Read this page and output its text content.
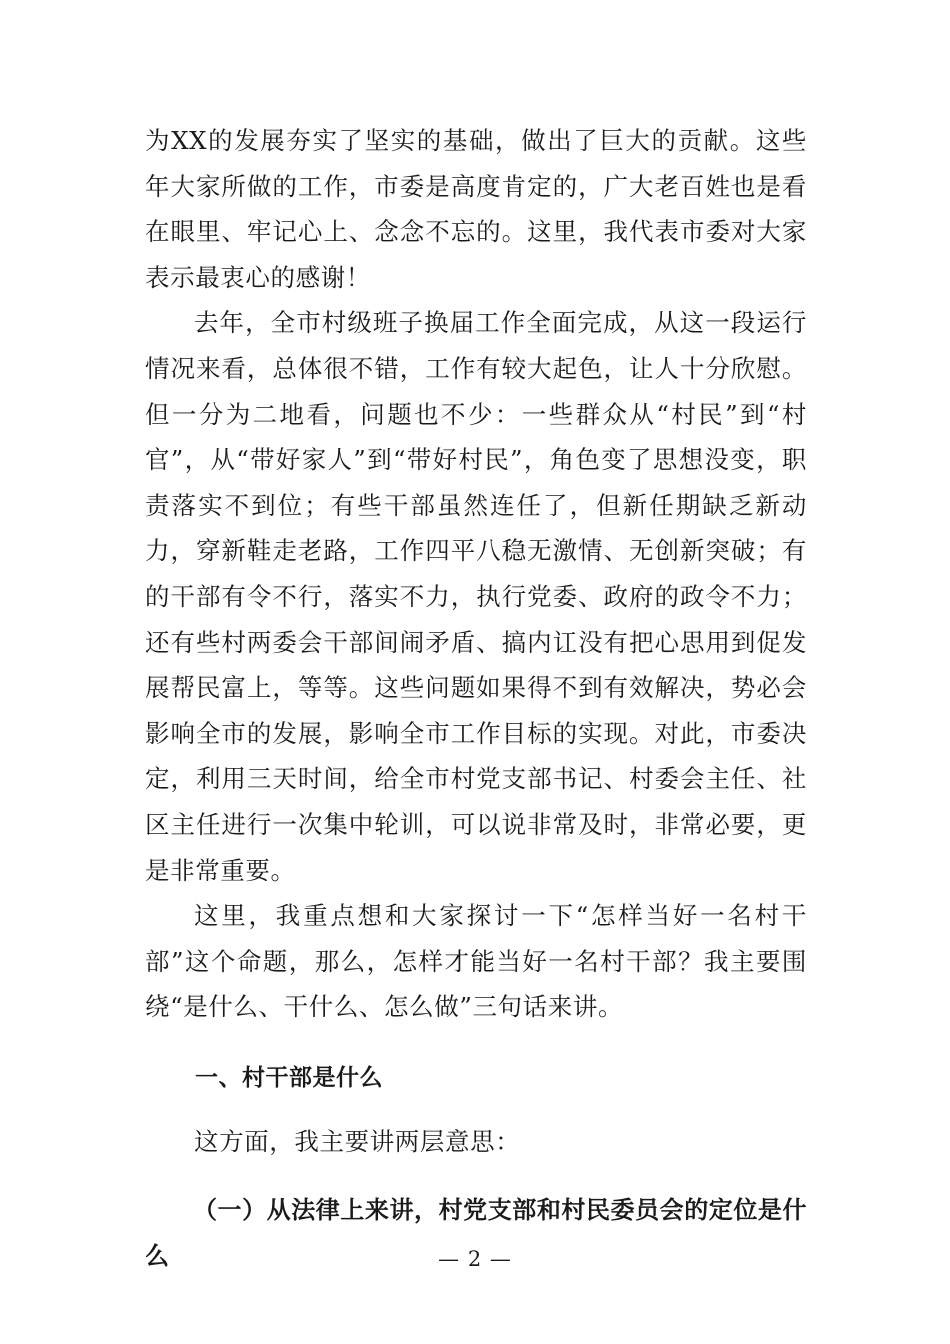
为XX的发展夯实了坚实的基础，做出了巨大的贡献。这些年大家所做的工作，市委是高度肯定的，广大老百姓也是看在眼里、牢记心上、念念不忘的。这里，我代表市委对大家表示最衷心的感谢！

去年，全市村级班子换届工作全面完成，从这一段运行情况来看，总体很不错，工作有较大起色，让人十分欣慰。但一分为二地看，问题也不少：一些群众从“村民”到“村官”，从“带好家人”到“带好村民”，角色变了思想没变，职责落实不到位；有些干部虽然连任了，但新任期缺乏新动力，穿新鞋走老路，工作四平八稳无激情、无创新突破；有的干部有令不行，落实不力，执行党委、政府的政令不力；还有些村两委会干部间闹矛盾、搞内讧没有把心思用到促发展帮民富上，等等。这些问题如果得不到有效解决，势必会影响全市的发展，影响全市工作目标的实现。对此，市委决定，利用三天时间，给全市村党支部书记、村委会主任、社区主任进行一次集中轮训，可以说非常及时，非常必要，更是非常重要。

这里，我重点想和大家探讨一下“怎样当好一名村干部”这个命题，那么，怎样才能当好一名村干部？我主要围绕“是什么、干什么、怎么做”三句话来讲。

一、村干部是什么

这方面，我主要讲两层意思：

（一）从法律上来讲，村党支部和村民委员会的定位是什么	— 2 —
